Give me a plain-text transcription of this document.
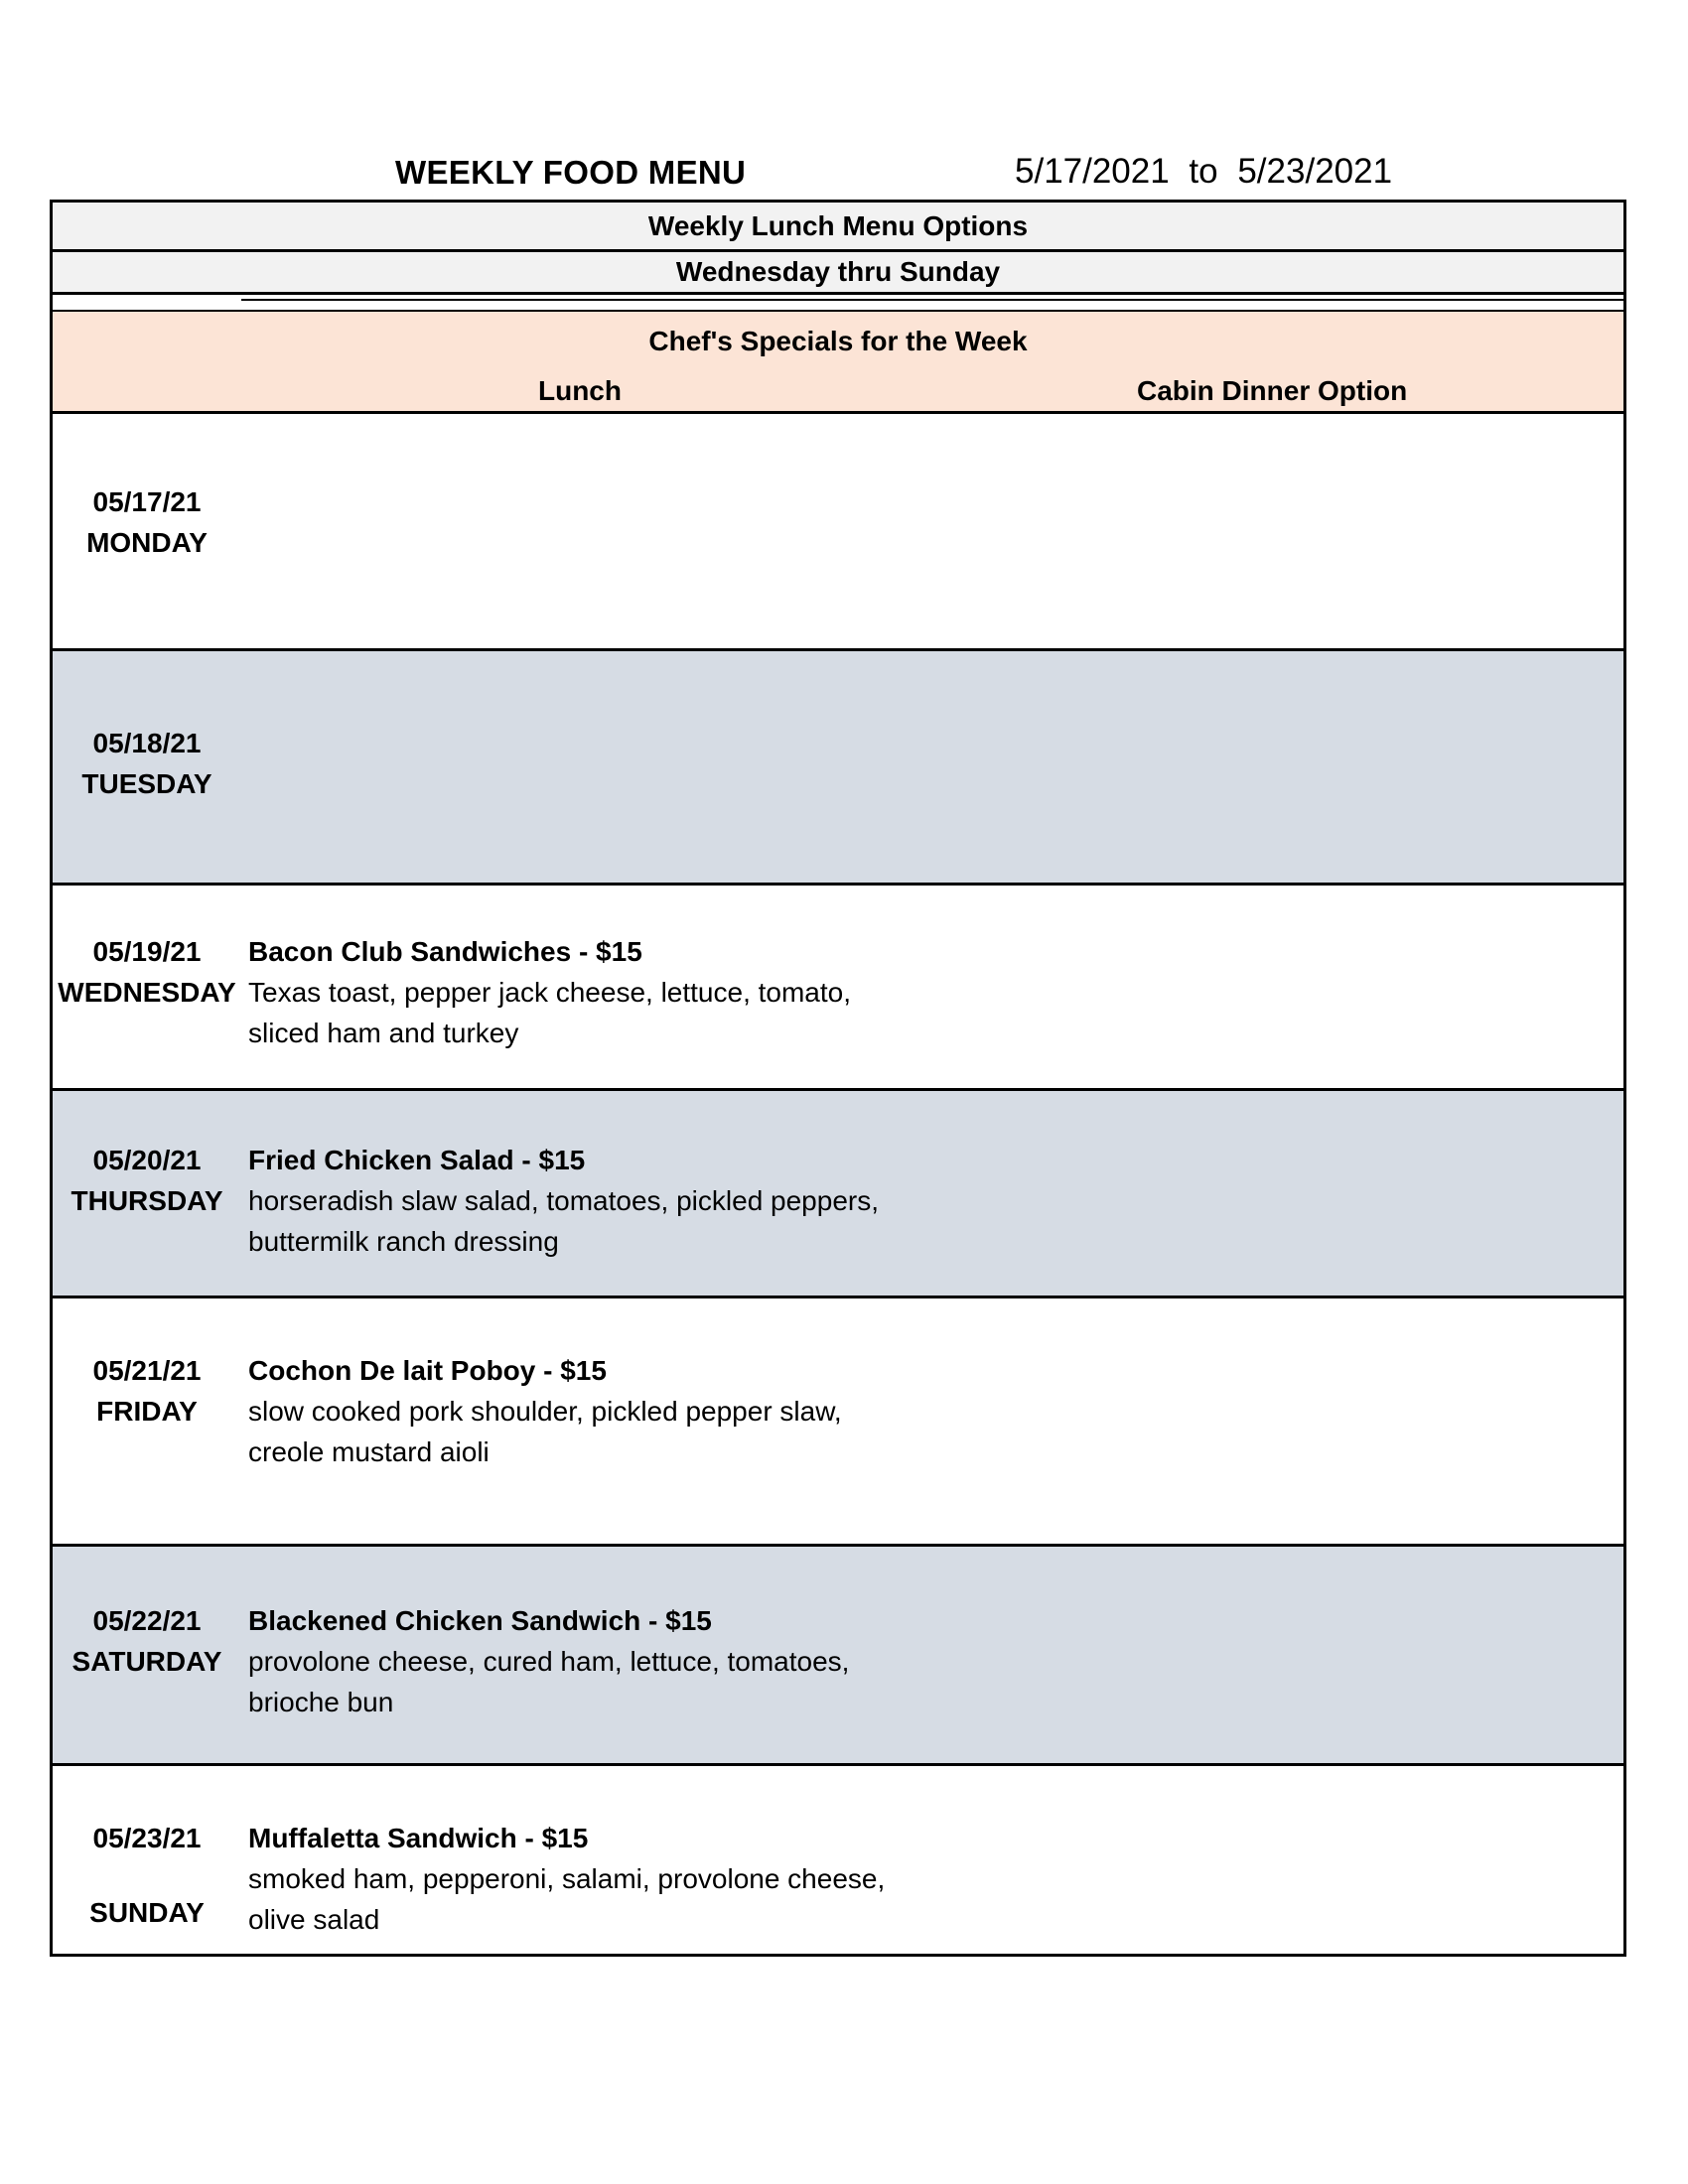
WEEKLY FOOD MENU	5/17/2021 to 5/23/2021
Weekly Lunch Menu Options
Wednesday thru Sunday
Chef's Specials for the Week
Lunch	Cabin Dinner Option
05/17/21
MONDAY
05/18/21
TUESDAY
05/19/21
WEDNESDAY
Bacon Club Sandwiches - $15
Texas toast, pepper jack cheese, lettuce, tomato,
sliced ham and turkey
05/20/21
THURSDAY
Fried Chicken Salad - $15
horseradish slaw salad, tomatoes, pickled peppers,
buttermilk ranch dressing
05/21/21
FRIDAY
Cochon De lait Poboy - $15
slow cooked pork shoulder, pickled pepper slaw,
creole mustard aioli
05/22/21
SATURDAY
Blackened Chicken Sandwich - $15
provolone cheese, cured ham, lettuce, tomatoes,
brioche bun
05/23/21
SUNDAY
Muffaletta Sandwich - $15
smoked ham, pepperoni, salami, provolone cheese,
olive salad
